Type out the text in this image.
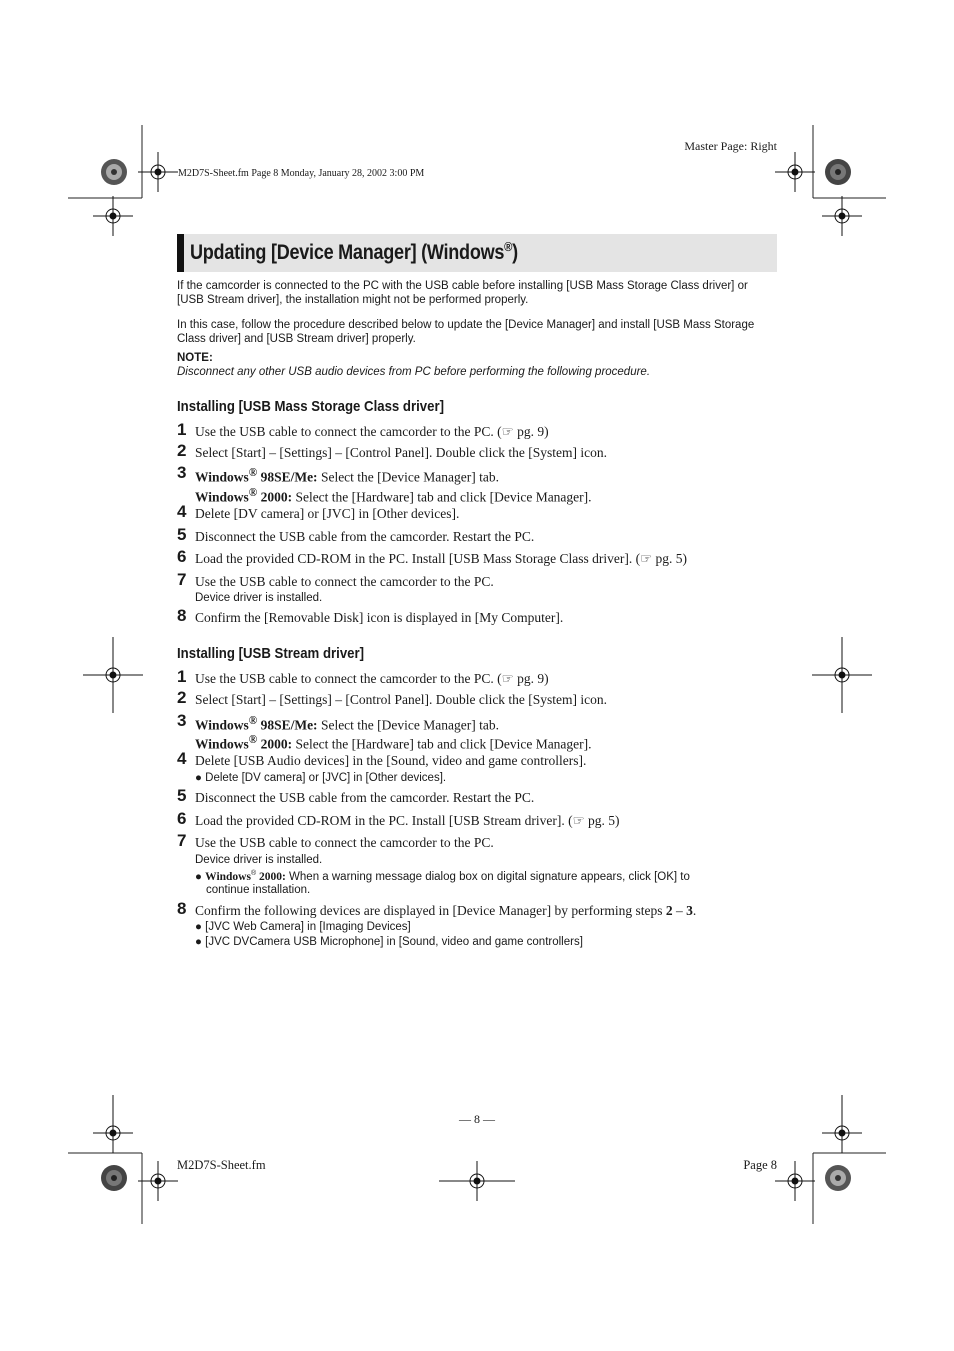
Master Page: Right
M2D7S-Sheet.fm Page 8 Monday, January 28, 2002 3:00 PM
Updating [Device Manager] (Windows®)
If the camcorder is connected to the PC with the USB cable before installing [USB Mass Storage Class driver] or [USB Stream driver], the installation might not be performed properly.
In this case, follow the procedure described below to update the [Device Manager] and install [USB Mass Storage Class driver] and [USB Stream driver] properly.
NOTE:
Disconnect any other USB audio devices from PC before performing the following procedure.
Installing [USB Mass Storage Class driver]
1 Use the USB cable to connect the camcorder to the PC. (☞ pg. 9)
2 Select [Start] – [Settings] – [Control Panel]. Double click the [System] icon.
3 Windows® 98SE/Me: Select the [Device Manager] tab.
Windows® 2000: Select the [Hardware] tab and click [Device Manager].
4 Delete [DV camera] or [JVC] in [Other devices].
5 Disconnect the USB cable from the camcorder. Restart the PC.
6 Load the provided CD-ROM in the PC. Install [USB Mass Storage Class driver]. (☞ pg. 5)
7 Use the USB cable to connect the camcorder to the PC.
Device driver is installed.
8 Confirm the [Removable Disk] icon is displayed in [My Computer].
Installing [USB Stream driver]
1 Use the USB cable to connect the camcorder to the PC. (☞ pg. 9)
2 Select [Start] – [Settings] – [Control Panel]. Double click the [System] icon.
3 Windows® 98SE/Me: Select the [Device Manager] tab.
Windows® 2000: Select the [Hardware] tab and click [Device Manager].
4 Delete [USB Audio devices] in the [Sound, video and game controllers].
● Delete [DV camera] or [JVC] in [Other devices].
5 Disconnect the USB cable from the camcorder. Restart the PC.
6 Load the provided CD-ROM in the PC. Install [USB Stream driver]. (☞ pg. 5)
7 Use the USB cable to connect the camcorder to the PC.
Device driver is installed.
● Windows® 2000: When a warning message dialog box on digital signature appears, click [OK] to
continue installation.
8 Confirm the following devices are displayed in [Device Manager] by performing steps 2 – 3.
● [JVC Web Camera] in [Imaging Devices]
● [JVC DVCamera USB Microphone] in [Sound, video and game controllers]
— 8 —
M2D7S-Sheet.fm	Page 8
